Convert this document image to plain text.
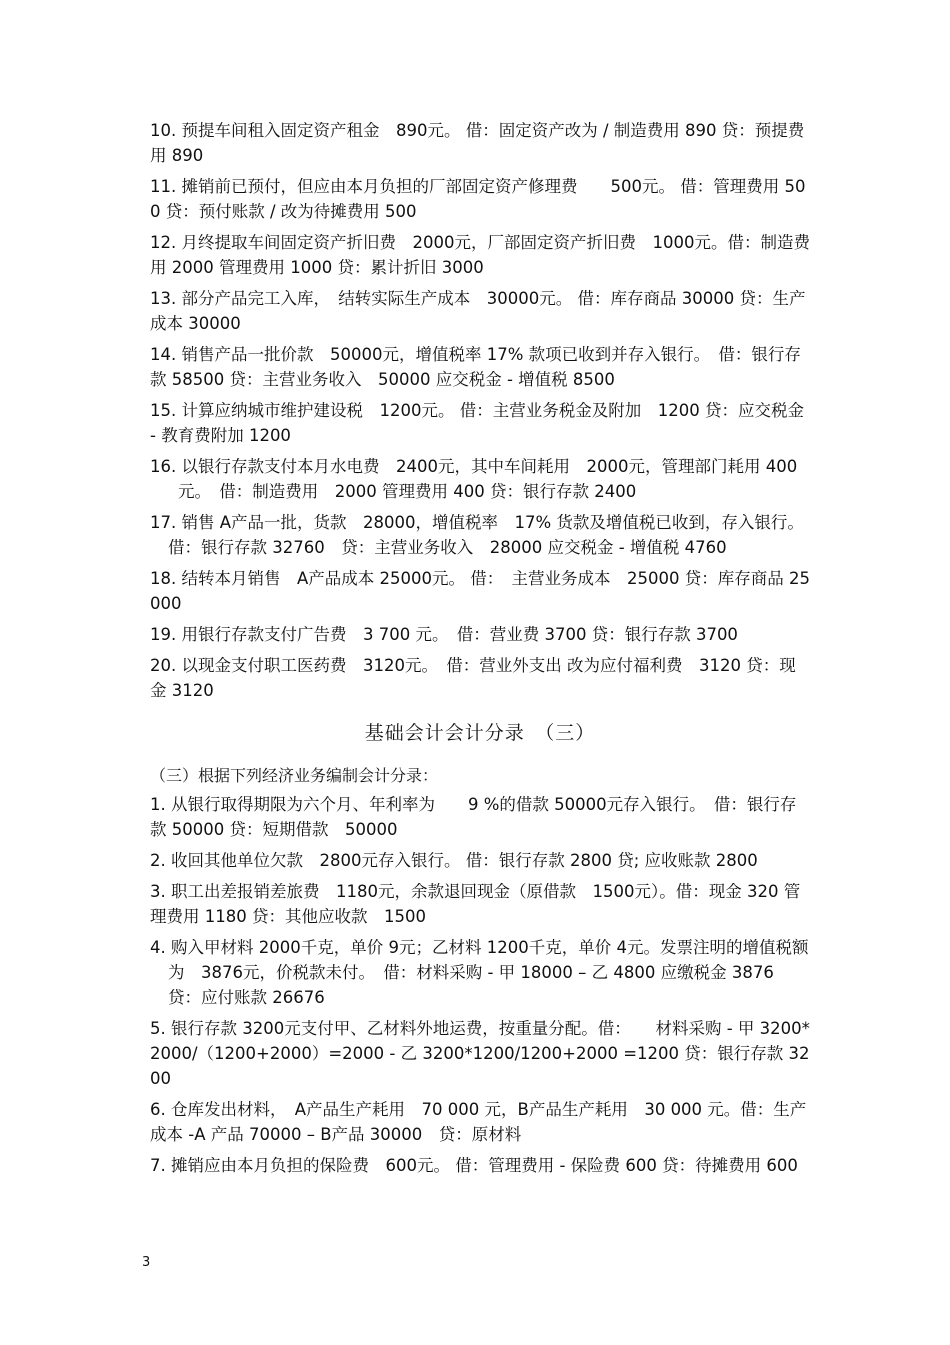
10. 预提车间租入固定资产租金　890元。 借：固定资产改为 / 制造费用 890 贷：预提费用 890

11. 摊销前已预付，但应由本月负担的厂部固定资产修理费　　500元。 借：管理费用 500 贷：预付账款 / 改为待摊费用 500

12. 月终提取车间固定资产折旧费　2000元，厂部固定资产折旧费　1000元。借：制造费用 2000 管理费用 1000 贷：累计折旧 3000

13. 部分产品完工入库，　结转实际生产成本　30000元。 借：库存商品 30000 贷：生产成本 30000

14. 销售产品一批价款　50000元，增值税率 17% 款项已收到并存入银行。　借：银行存款 58500 贷：主营业务收入　50000 应交税金 - 增值税 8500

15. 计算应纳城市维护建设税　1200元。 借：主营业务税金及附加　1200 贷：应交税金 - 教育费附加 1200

16. 以银行存款支付本月水电费　2400元，其中车间耗用　2000元，管理部门耗用 400元。　借：制造费用　2000 管理费用 400 贷：银行存款 2400

17. 销售 A产品一批，货款　28000，增值税率　17% 货款及增值税已收到，存入银行。 借：银行存款 32760　贷：主营业务收入　28000 应交税金 - 增值税 4760

18. 结转本月销售　A产品成本 25000元。 借：　主营业务成本　25000 贷：库存商品 25000

19. 用银行存款支付广告费　3 700 元。　借：营业费 3700 贷：银行存款 3700

20. 以现金支付职工医药费　3120元。　借：营业外支出 改为应付福利费　3120 贷：现金 3120

基础会计会计分录　（三）
（三）根据下列经济业务编制会计分录：

1. 从银行取得期限为六个月、年利率为　　9 %的借款 50000元存入银行。　借：银行存款 50000 贷：短期借款　50000

2. 收回其他单位欠款　2800元存入银行。 借：银行存款 2800 贷; 应收账款 2800

3. 职工出差报销差旅费　1180元，余款退回现金（原借款　1500元）。借：现金 320 管理费用 1180 贷：其他应收款　1500

4. 购入甲材料 2000千克，单价 9元；乙材料 1200千克，单价 4元。发票注明的增值税额为　3876元，价税款未付。　借：材料采购 - 甲 18000 – 乙 4800 应缴税金 3876　贷：应付账款 26676

5. 银行存款 3200元支付甲、乙材料外地运费，按重量分配。借：　　材料采购 - 甲 3200*2000/（1200+2000）=2000 - 乙 3200*1200/1200+2000 =1200 贷：银行存款 3200

6. 仓库发出材料，　A产品生产耗用　70 000 元，B产品生产耗用　30 000 元。借：生产成本 -A 产品 70000 – B产品 30000　贷：原材料

7. 摊销应由本月负担的保险费　600元。 借：管理费用 - 保险费 600 贷：待摊费用 600

3
